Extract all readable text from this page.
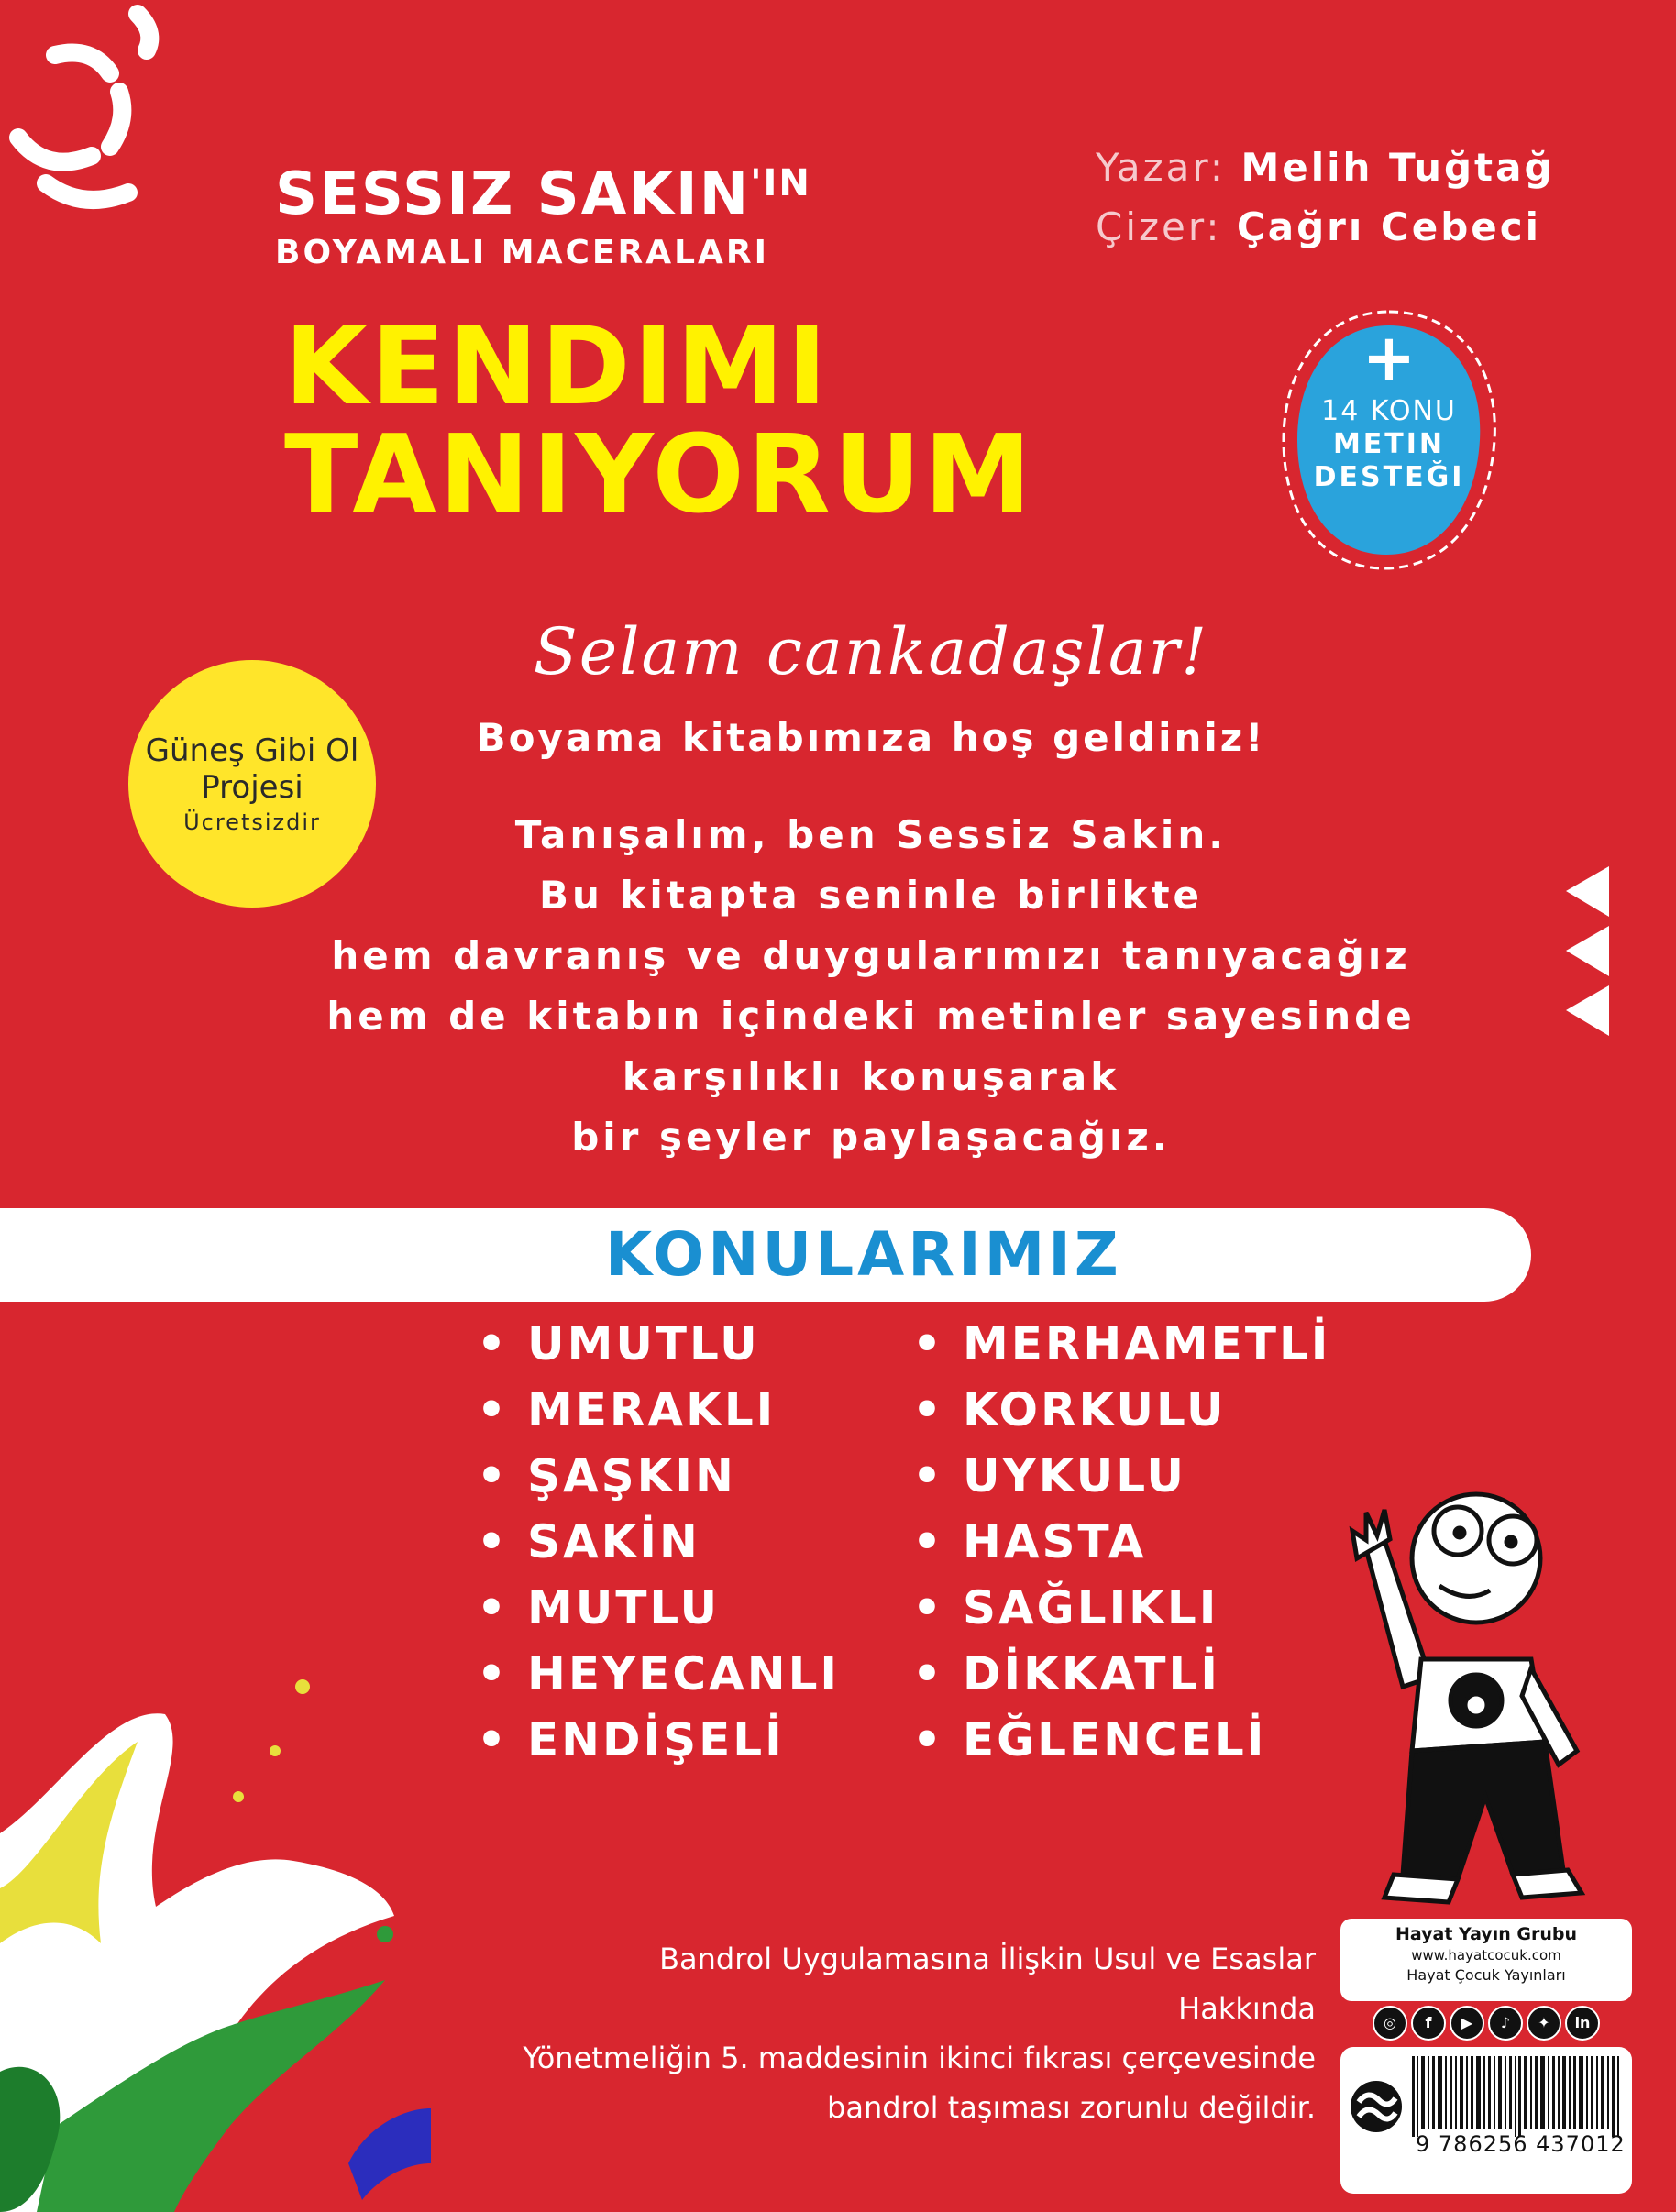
SESSIZ $SAKIN^{'IN}$
BOYAMALI MACERALARI
KENDIMI
TANIYORUM
Yazar: Melih Tuğtağ
Çizer: Çağrı Cebeci
+
14 KONU
METIN
DESTEĞI
Güneş Gibi Ol
Projesi
Ücretsizdir
Selam cankadaşlar!
Boyama kitabımıza hoş geldiniz!
Tanışalım, ben Sessiz Sakin.
Bu kitapta seninle birlikte
hem davranış ve duygularımızı tanıyacağız
hem de kitabın içindeki metinler sayesinde
karşılıklı konuşarak
bir şeyler paylaşacağız.
KONULARIMIZ
• UMUTLU
• MERAKLI
• ŞAŞKIN
• SAKİN
• MUTLU
• HEYECANLI
• ENDİŞELİ
• MERHAMETLİ
• KORKULU
• UYKULU
• HASTA
• SAĞLIKLI
• DİKKATLİ
• EĞLENCELİ
Bandrol Uygulamasına İlişkin Usul ve Esaslar Hakkında
Yönetmeliğin 5. maddesinin ikinci fıkrası çerçevesinde
bandrol taşıması zorunlu değildir.
Hayat Yayın Grubu
www.hayatcocuk.com
Hayat Çocuk Yayınları
◎	f	▶	♪	✦	in
9 786256 437012
